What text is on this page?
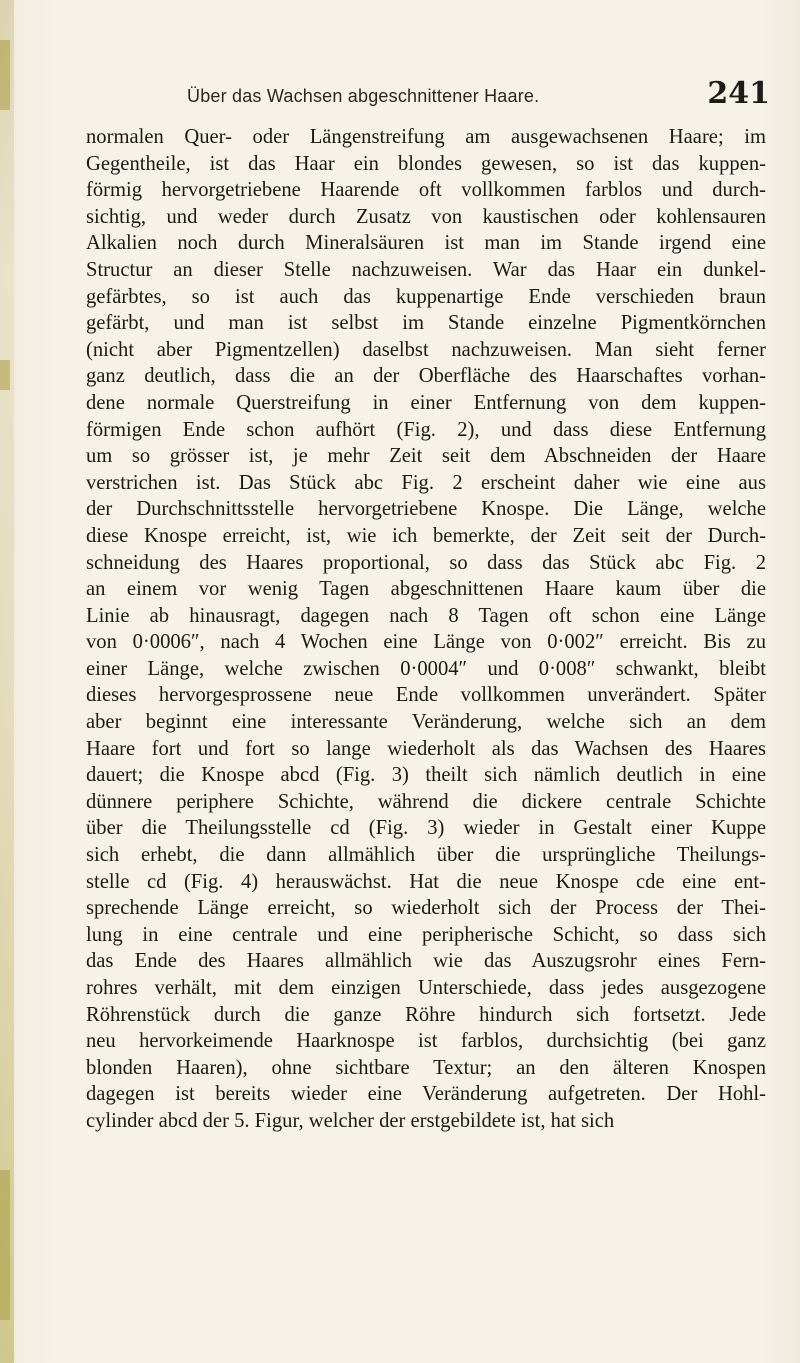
Über das Wachsen abgeschnittener Haare.	241
normalen Quer- oder Längenstreifung am ausgewachsenen Haare; im
Gegentheile, ist das Haar ein blondes gewesen, so ist das kuppen-
förmig hervorgetriebene Haarende oft vollkommen farblos und durch-
sichtig, und weder durch Zusatz von kaustischen oder kohlensauren
Alkalien noch durch Mineralsäuren ist man im Stande irgend eine
Structur an dieser Stelle nachzuweisen. War das Haar ein dunkel-
gefärbtes, so ist auch das kuppenartige Ende verschieden braun
gefärbt, und man ist selbst im Stande einzelne Pigmentkörnchen
(nicht aber Pigmentzellen) daselbst nachzuweisen. Man sieht ferner
ganz deutlich, dass die an der Oberfläche des Haarschaftes vorhan-
dene normale Querstreifung in einer Entfernung von dem kuppen-
förmigen Ende schon aufhört (Fig. 2), und dass diese Entfernung
um so grösser ist, je mehr Zeit seit dem Abschneiden der Haare
verstrichen ist. Das Stück abc Fig. 2 erscheint daher wie eine aus
der Durchschnittsstelle hervorgetriebene Knospe. Die Länge, welche
diese Knospe erreicht, ist, wie ich bemerkte, der Zeit seit der Durch-
schneidung des Haares proportional, so dass das Stück abc Fig. 2
an einem vor wenig Tagen abgeschnittenen Haare kaum über die
Linie ab hinausragt, dagegen nach 8 Tagen oft schon eine Länge
von 0·0006″, nach 4 Wochen eine Länge von 0·002″ erreicht. Bis zu
einer Länge, welche zwischen 0·0004″ und 0·008″ schwankt, bleibt
dieses hervorgesprossene neue Ende vollkommen unverändert. Später
aber beginnt eine interessante Veränderung, welche sich an dem
Haare fort und fort so lange wiederholt als das Wachsen des Haares
dauert; die Knospe abcd (Fig. 3) theilt sich nämlich deutlich in eine
dünnere periphere Schichte, während die dickere centrale Schichte
über die Theilungsstelle cd (Fig. 3) wieder in Gestalt einer Kuppe
sich erhebt, die dann allmählich über die ursprüngliche Theilungs-
stelle cd (Fig. 4) herauswächst. Hat die neue Knospe cde eine ent-
sprechende Länge erreicht, so wiederholt sich der Process der Thei-
lung in eine centrale und eine peripherische Schicht, so dass sich
das Ende des Haares allmählich wie das Auszugsrohr eines Fern-
rohres verhält, mit dem einzigen Unterschiede, dass jedes ausgezogene
Röhrenstück durch die ganze Röhre hindurch sich fortsetzt. Jede
neu hervorkeimende Haarknospe ist farblos, durchsichtig (bei ganz
blonden Haaren), ohne sichtbare Textur; an den älteren Knospen
dagegen ist bereits wieder eine Veränderung aufgetreten. Der Hohl-
cylinder abcd der 5. Figur, welcher der erstgebildete ist, hat sich
